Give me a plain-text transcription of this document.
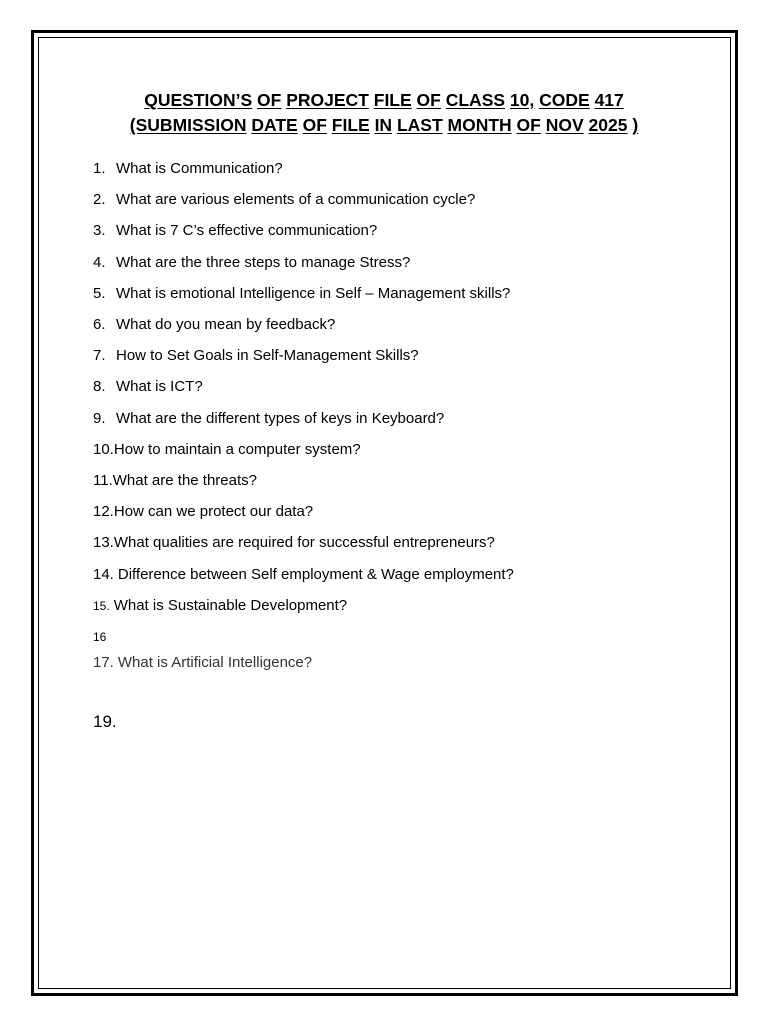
QUESTION’S OF PROJECT FILE OF CLASS 10, CODE 417
(SUBMISSION DATE OF FILE IN LAST MONTH OF NOV 2025 )
1. What is Communication?
2. What are various elements of a communication cycle?
3. What is 7 C’s effective communication?
4. What are the three steps to manage Stress?
5. What is emotional Intelligence in Self – Management skills?
6. What do you mean by feedback?
7. How to Set Goals in Self-Management Skills?
8. What is ICT?
9. What are the different types of keys in Keyboard?
10.How to maintain a computer system?
11.What are the threats?
12.How can we protect our data?
13.What qualities are required for successful entrepreneurs?
14. Difference between Self employment & Wage employment?
15. What is Sustainable Development?
16
17. What is Artificial Intelligence?
19.
